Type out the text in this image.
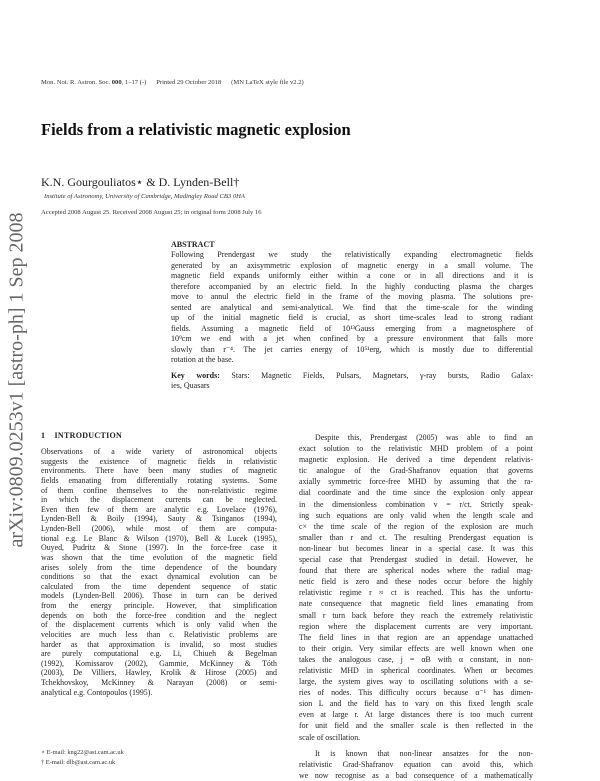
Mon. Not. R. Astron. Soc. 000, 1–17 (-) Printed 29 October 2018 (MN LaTeX style file v2.2)
Fields from a relativistic magnetic explosion
K.N. Gourgouliatos⋆ & D. Lynden-Bell†
Institute of Astronomy, University of Cambridge, Madingley Road CB3 0HA
Accepted 2008 August 25. Received 2008 August 25; in original form 2008 July 16
arXiv:0809.0253v1 [astro-ph] 1 Sep 2008	ABSTRACT
Following Prendergast we study the relativistically expanding electromagnetic fields
generated by an axisymmetric explosion of magnetic energy in a small volume. The
magnetic field expands uniformly either within a cone or in all directions and it is
therefore accompanied by an electric field. In the highly conducting plasma the charges
move to annul the electric field in the frame of the moving plasma. The solutions pre-
sented are analytical and semi-analytical. We find that the time-scale for the winding
up of the initial magnetic field is crucial, as short time-scales lead to strong radiant
fields. Assuming a magnetic field of 10¹³Gauss emerging from a magnetosphere of
10⁹cm we end with a jet when confined by a pressure environment that falls more
slowly than r⁻⁴. The jet carries energy of 10⁵¹erg, which is mostly due to differential
rotation at the base.
Key words: Stars: Magnetic Fields, Pulsars, Magnetars, γ-ray bursts, Radio Galax-
ies, Quasars
1    INTRODUCTION
Observations of a wide variety of astronomical objects
suggests the existence of magnetic fields in relativistic
environments. There have been many studies of magnetic
fields emanating from differentially rotating systems. Some
of them confine themselves to the non-relativistic regime
in which the displacement currents can be neglected.
Even then few of them are analytic e.g. Lovelace (1976),
Lynden-Bell & Boily (1994), Sauty & Tsinganos (1994),
Lynden-Bell (2006), while most of them are computa-
tional e.g. Le Blanc & Wilson (1970), Bell & Lucek (1995),
Ouyed, Pudritz & Stone (1997). In the force-free case it
was shown that the time evolution of the magnetic field
arises solely from the time dependence of the boundary
conditions so that the exact dynamical evolution can be
calculated from the time dependent sequence of static
models (Lynden-Bell 2006). Those in turn can be derived
from the energy principle. However, that simplification
depends on both the force-free condition and the neglect
of the displacement currents which is only valid when the
velocities are much less than c. Relativistic problems are
harder as that approximation is invalid, so most studies
are purely computational e.g. Li, Chiueh & Begelman
(1992), Komissarov (2002), Gammie, McKinney & Tóth
(2003), De Villiers, Hawley, Krolik & Hirose (2005) and
Tchekhovskoy, McKinney & Narayan (2008) or semi-
analytical e.g. Contopoulos (1995).
Despite this, Prendergast (2005) was able to find an
exact solution to the relativistic MHD problem of a point
magnetic explosion. He derived a time dependent relativis-
tic analogue of the Grad-Shafranov equation that governs
axially symmetric force-free MHD by assuming that the ra-
dial coordinate and the time since the explosion only appear
in the dimensionless combination v = r/ct. Strictly speak-
ing such equations are only valid when the length scale and
c× the time scale of the region of the explosion are much
smaller than r and ct. The resulting Prendergast equation is
non-linear but becomes linear in a special case. It was this
special case that Prendergast studied in detail. However, he
found that there are spherical nodes where the radial mag-
netic field is zero and these nodes occur before the highly
relativistic regime r ≈ ct is reached. This has the unfortu-
nate consequence that magnetic field lines emanating from
small r turn back before they reach the extremely relativistic
region where the displacement currents are very important.
The field lines in that region are an appendage unattached
to their origin. Very similar effects are well known when one
takes the analogous case, j = αB with α constant, in non-
relativistic MHD in spherical coordinates. When αr becomes
large, the system gives way to oscillating solutions with a se-
ries of nodes. This difficulty occurs because α⁻¹ has dimen-
sion L and the field has to vary on this fixed length scale
even at large r. At large distances there is too much current
for unit field and the smaller scale is then reflected in the
scale of oscillation.
It is known that non-linear ansatzes for the non-
relativistic Grad-Shafranov equation can avoid this, which
we now recognise as a bad consequence of a mathematically
⋆ E-mail: kng22@ast.cam.ac.uk
† E-mail: dlb@ast.cam.ac.uk
